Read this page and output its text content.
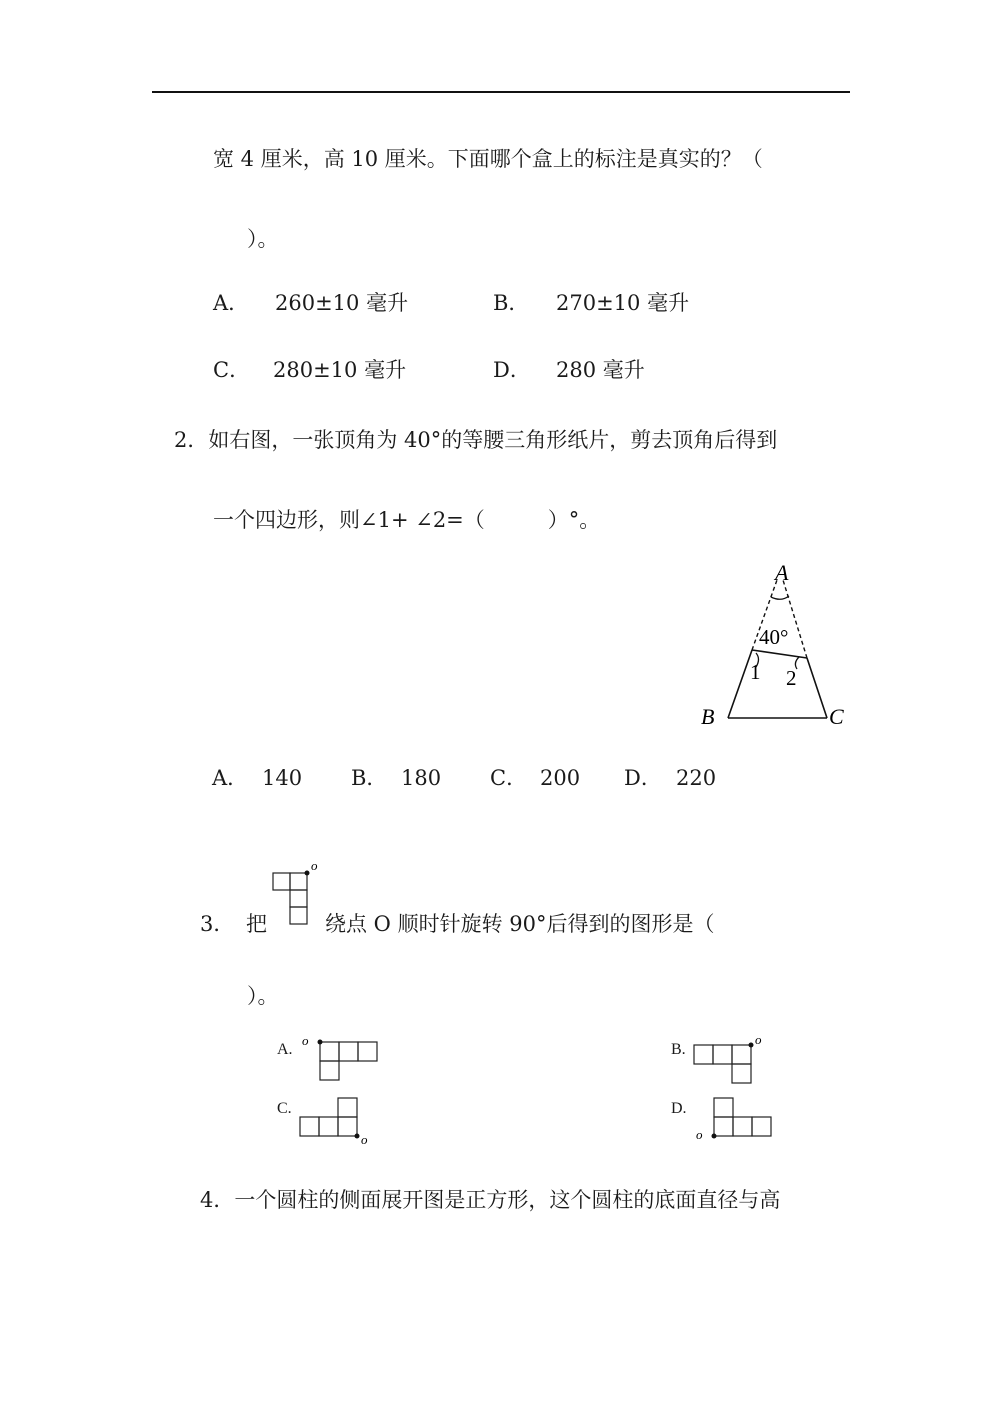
宽 4 厘米，高 10 厘米。下面哪个盒上的标注是真实的？（
）。
A． 260±10 毫升	B． 270±10 毫升
C． 280±10 毫升	D． 280 毫升
2．如右图，一张顶角为 40°的等腰三角形纸片，剪去顶角后得到
一个四边形，则∠1+ ∠2=（　　　）°。
A
B	C
40°
1 2
A． 140 B． 180 C． 200 D． 220
3． 把
o
绕点 O 顺时针旋转 90°后得到的图形是（
）。
A.
o
B.
o
C.
o
D.
o
4．一个圆柱的侧面展开图是正方形，这个圆柱的底面直径与高
